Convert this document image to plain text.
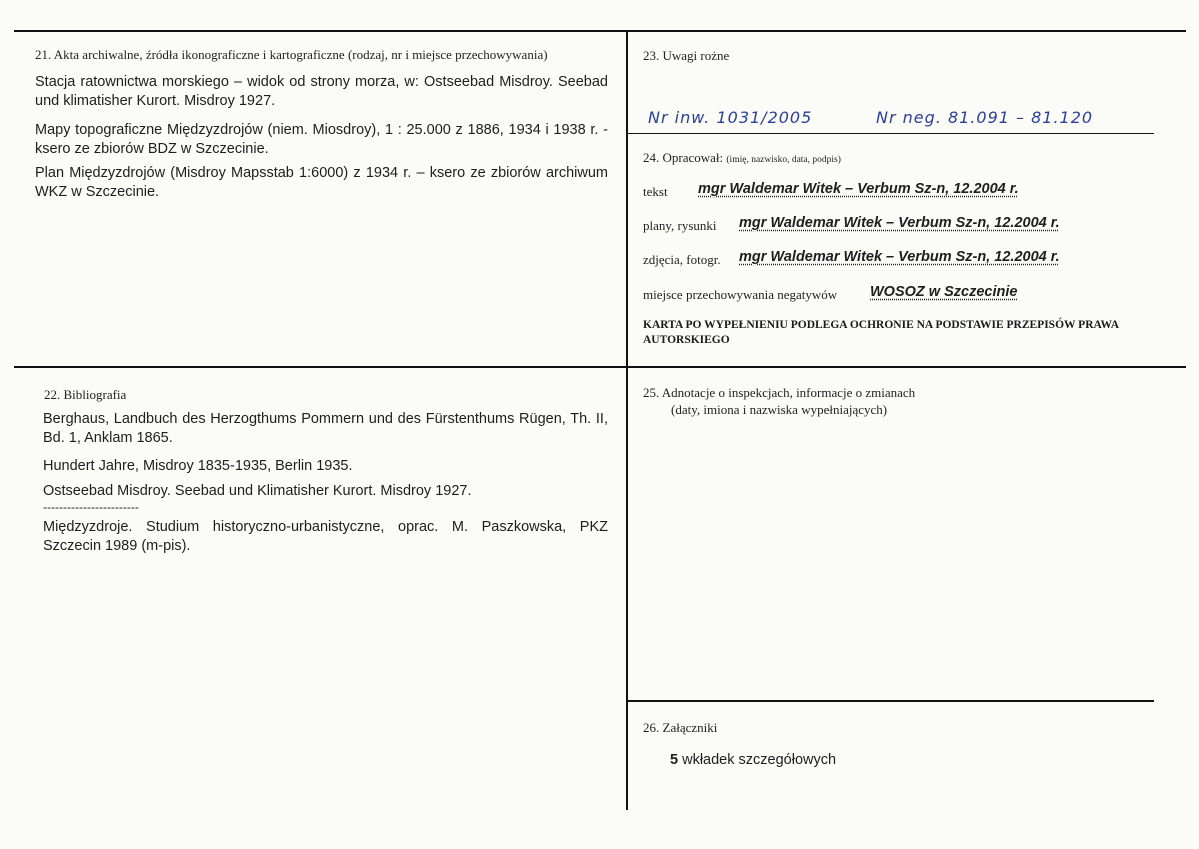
21. Akta archiwalne, źródła ikonograficzne i kartograficzne (rodzaj, nr i miejsce przechowywania)
Stacja ratownictwa morskiego – widok od strony morza, w: Ostseebad Misdroy. Seebad und klimatisher Kurort. Misdroy 1927.
Mapy topograficzne Międzyzdrojów (niem. Miosdroy), 1 : 25.000 z 1886, 1934 i 1938 r. - ksero ze zbiorów BDZ w Szczecinie.
Plan Międzyzdrojów (Misdroy Mapsstab 1:6000) z 1934 r. – ksero ze zbiorów archiwum WKZ w Szczecinie.
22. Bibliografia
Berghaus, Landbuch des Herzogthums Pommern und des Fürstenthums Rügen, Th. II, Bd. 1, Anklam 1865.
Hundert Jahre, Misdroy 1835-1935, Berlin 1935.
Ostseebad Misdroy. Seebad und Klimatisher Kurort. Misdroy 1927.
------------------------
Międzyzdroje. Studium historyczno-urbanistyczne, oprac. M. Paszkowska, PKZ Szczecin 1989 (m-pis).
23. Uwagi rożne
Nr inw. 1031/2005	Nr neg. 81.091 – 81.120
24. Opracował: (imię, nazwisko, data, podpis)
tekst mgr Waldemar Witek – Verbum Sz-n, 12.2004 r.
plany, rysunki mgr Waldemar Witek – Verbum Sz-n, 12.2004 r.
zdjęcia, fotogr. mgr Waldemar Witek – Verbum Sz-n, 12.2004 r.
miejsce przechowywania negatywów WOSOZ w Szczecinie
KARTA PO WYPEŁNIENIU PODLEGA OCHRONIE NA PODSTAWIE PRZEPISÓW PRAWA AUTORSKIEGO
25. Adnotacje o inspekcjach, informacje o zmianach
(daty, imiona i nazwiska wypełniających)
26. Załączniki
5 wkładek szczegółowych
